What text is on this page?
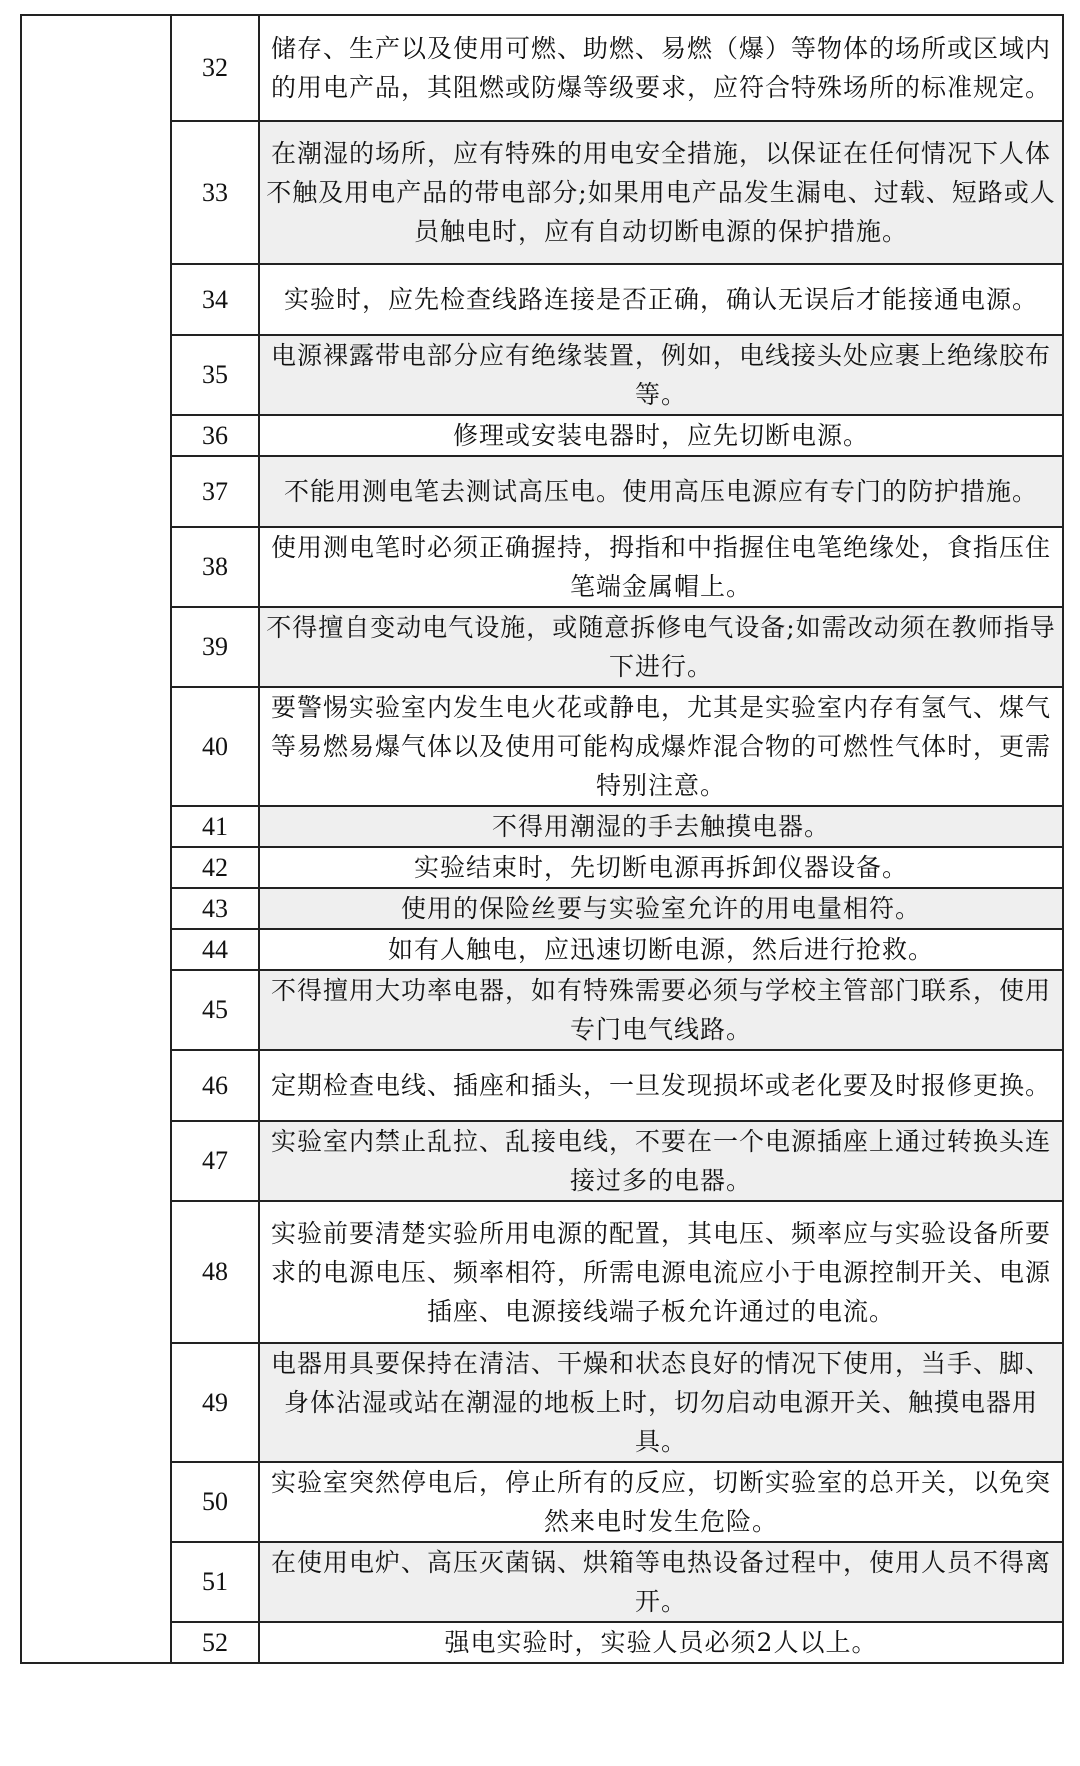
	32	储存、生产以及使用可燃、助燃、易燃（爆）等物体的场所或区域内的用电产品，其阻燃或防爆等级要求，应符合特殊场所的标准规定。
	33	在潮湿的场所，应有特殊的用电安全措施，以保证在任何情况下人体不触及用电产品的带电部分;如果用电产品发生漏电、过载、短路或人员触电时，应有自动切断电源的保护措施。
	34	实验时，应先检查线路连接是否正确，确认无误后才能接通电源。
	35	电源裸露带电部分应有绝缘装置，例如，电线接头处应裹上绝缘胶布等。
	36	修理或安装电器时，应先切断电源。
	37	不能用测电笔去测试高压电。使用高压电源应有专门的防护措施。
	38	使用测电笔时必须正确握持，拇指和中指握住电笔绝缘处，食指压住笔端金属帽上。
	39	不得擅自变动电气设施，或随意拆修电气设备;如需改动须在教师指导下进行。
	40	要警惕实验室内发生电火花或静电，尤其是实验室内存有氢气、煤气等易燃易爆气体以及使用可能构成爆炸混合物的可燃性气体时，更需特别注意。
	41	不得用潮湿的手去触摸电器。
	42	实验结束时，先切断电源再拆卸仪器设备。
	43	使用的保险丝要与实验室允许的用电量相符。
	44	如有人触电，应迅速切断电源，然后进行抢救。
	45	不得擅用大功率电器，如有特殊需要必须与学校主管部门联系，使用专门电气线路。
	46	定期检查电线、插座和插头，一旦发现损坏或老化要及时报修更换。
	47	实验室内禁止乱拉、乱接电线，不要在一个电源插座上通过转换头连接过多的电器。
	48	实验前要清楚实验所用电源的配置，其电压、频率应与实验设备所要求的电源电压、频率相符，所需电源电流应小于电源控制开关、电源插座、电源接线端子板允许通过的电流。
	49	电器用具要保持在清洁、干燥和状态良好的情况下使用，当手、脚、身体沾湿或站在潮湿的地板上时，切勿启动电源开关、触摸电器用具。
	50	实验室突然停电后，停止所有的反应，切断实验室的总开关，以免突然来电时发生危险。
	51	在使用电炉、高压灭菌锅、烘箱等电热设备过程中，使用人员不得离开。
	52	强电实验时，实验人员必须2人以上。
